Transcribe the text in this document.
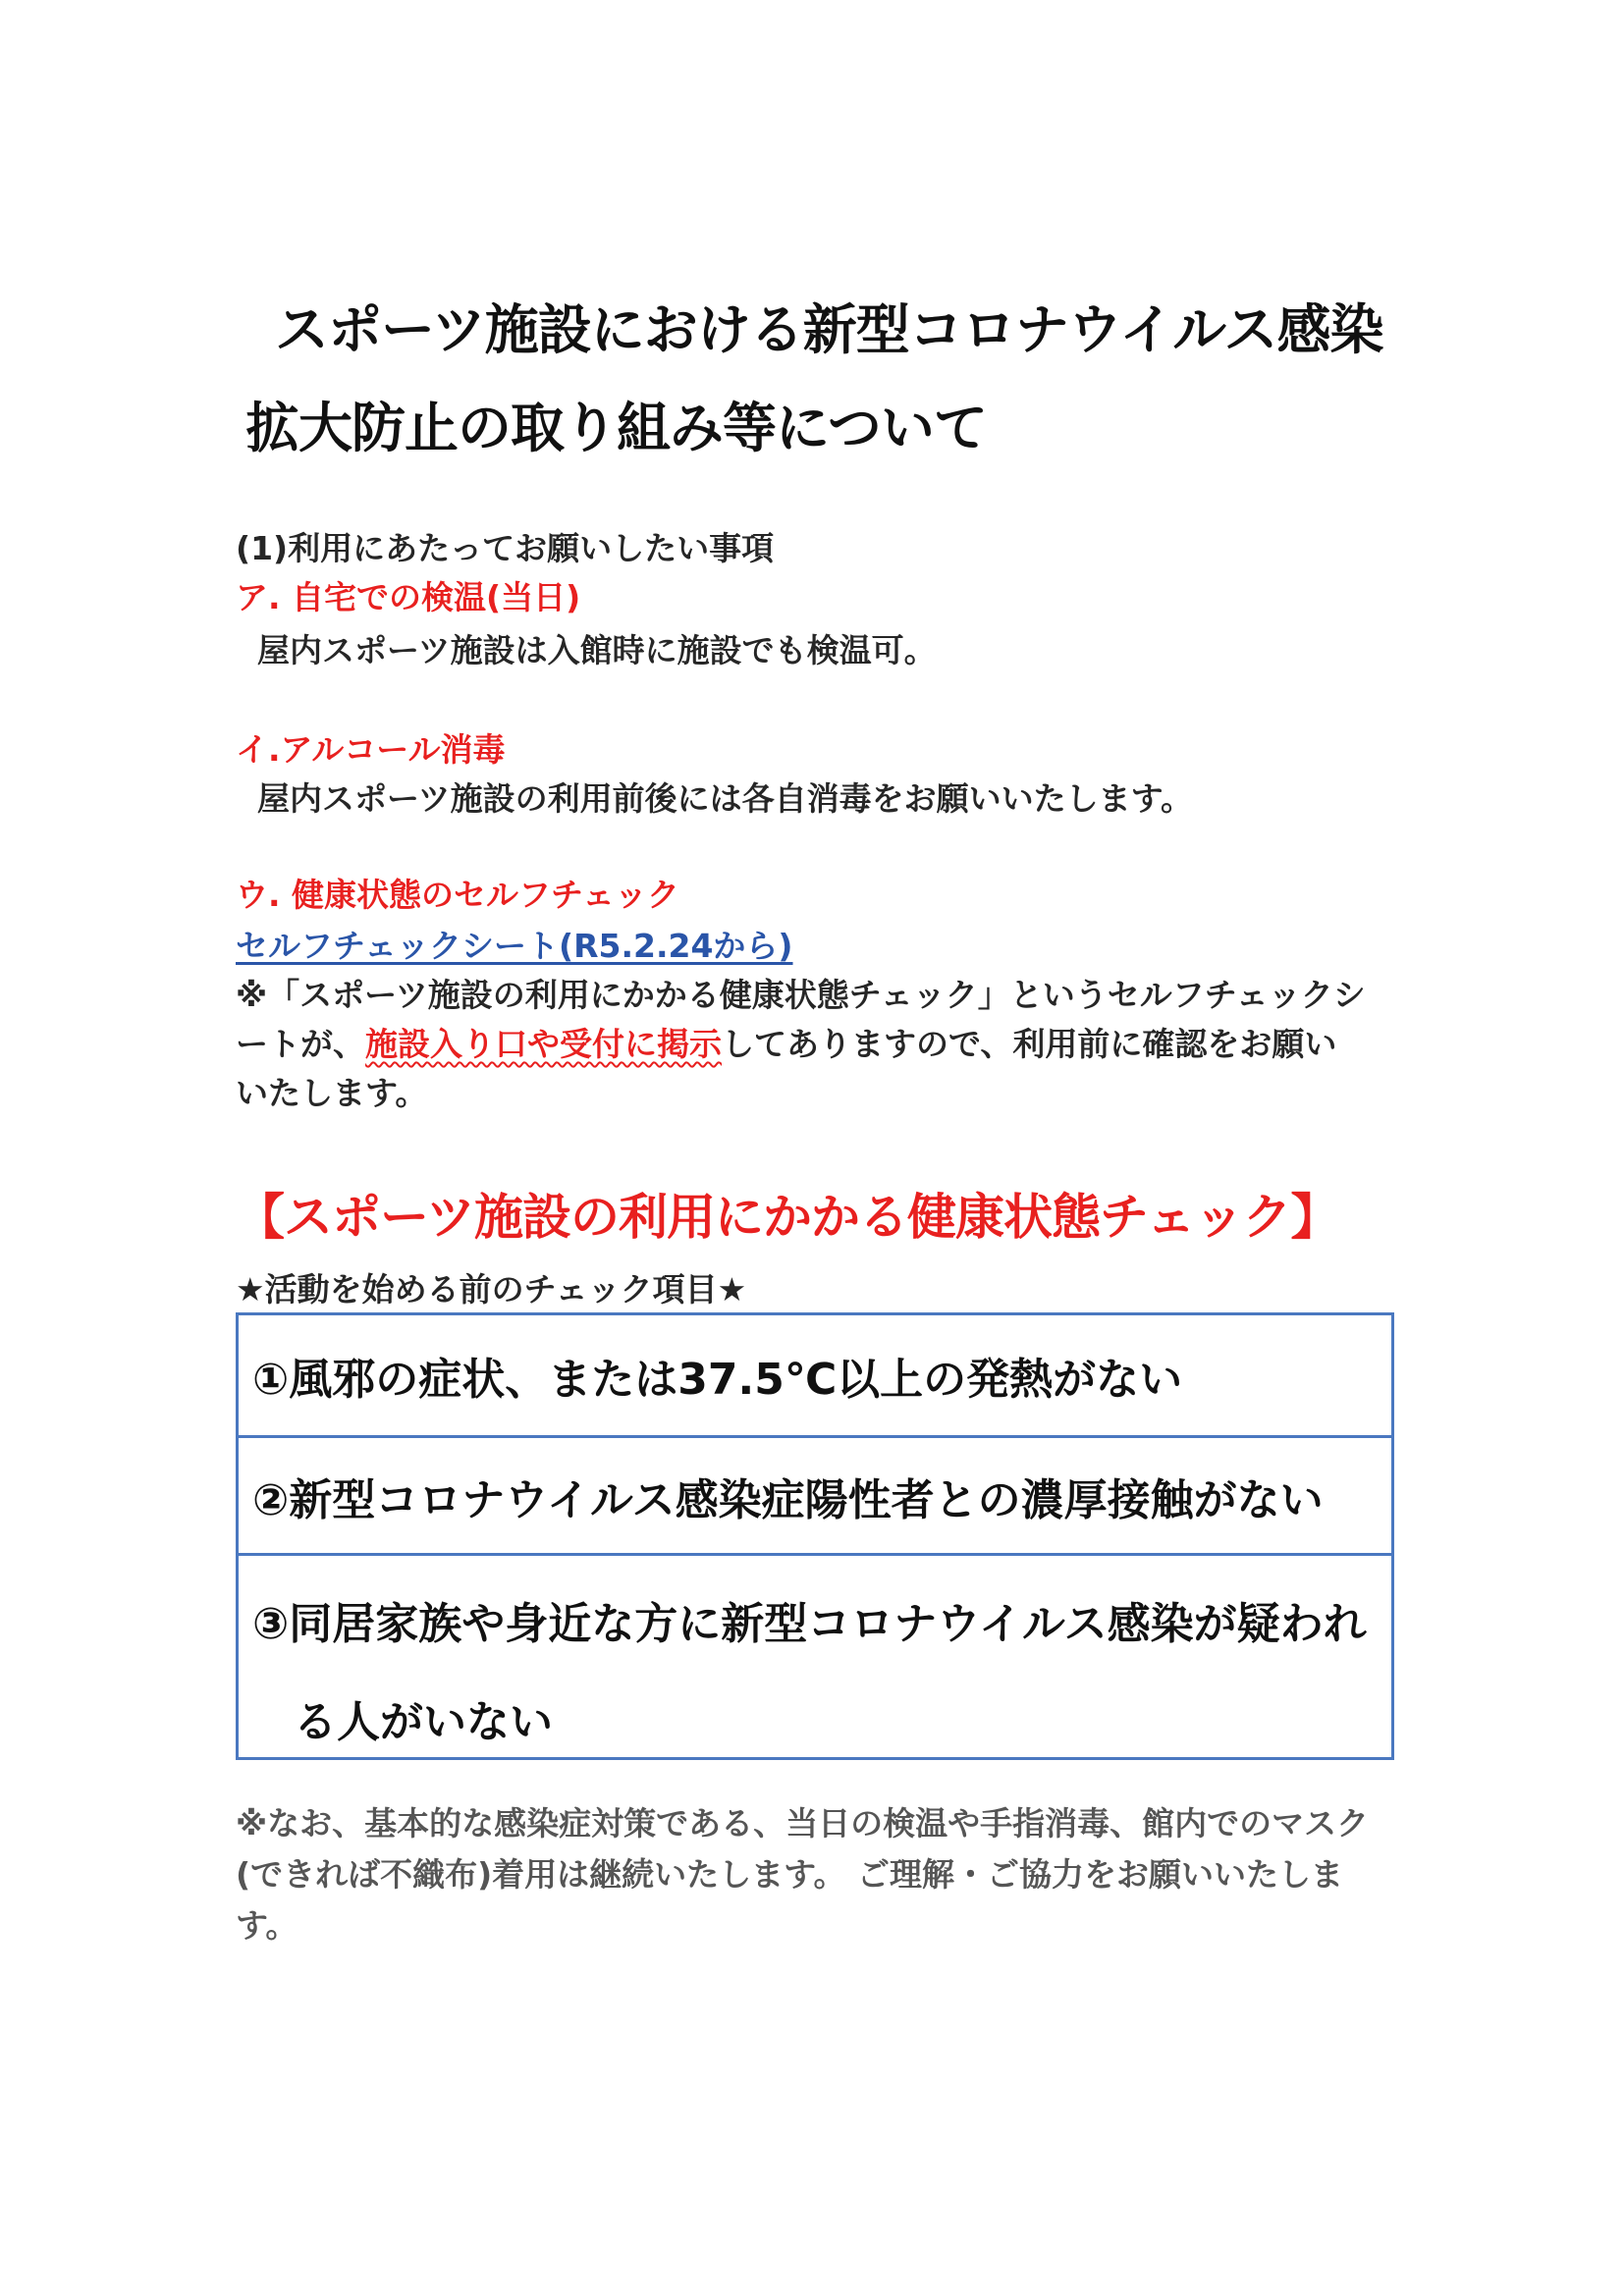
スポーツ施設における新型コロナウイルス感染
拡大防止の取り組み等について
(1)利用にあたってお願いしたい事項
ア. 自宅での検温(当日)
屋内スポーツ施設は入館時に施設でも検温可。
イ.アルコール消毒
屋内スポーツ施設の利用前後には各自消毒をお願いいたします。
ウ. 健康状態のセルフチェック
セルフチェックシート(R5.2.24から)
※「スポーツ施設の利用にかかる健康状態チェック」というセルフチェックシ
ートが、施設入り口や受付に掲示してありますので、利用前に確認をお願い
いたします。
【スポーツ施設の利用にかかる健康状態チェック】
★活動を始める前のチェック項目★
①風邪の症状、または37.5℃以上の発熱がない
②新型コロナウイルス感染症陽性者との濃厚接触がない
③同居家族や身近な方に新型コロナウイルス感染が疑われ
る人がいない
※なお、基本的な感染症対策である、当日の検温や手指消毒、館内でのマスク(できれば不織布)着用は継続いたします。 ご理解・ご協力をお願いいたします。
